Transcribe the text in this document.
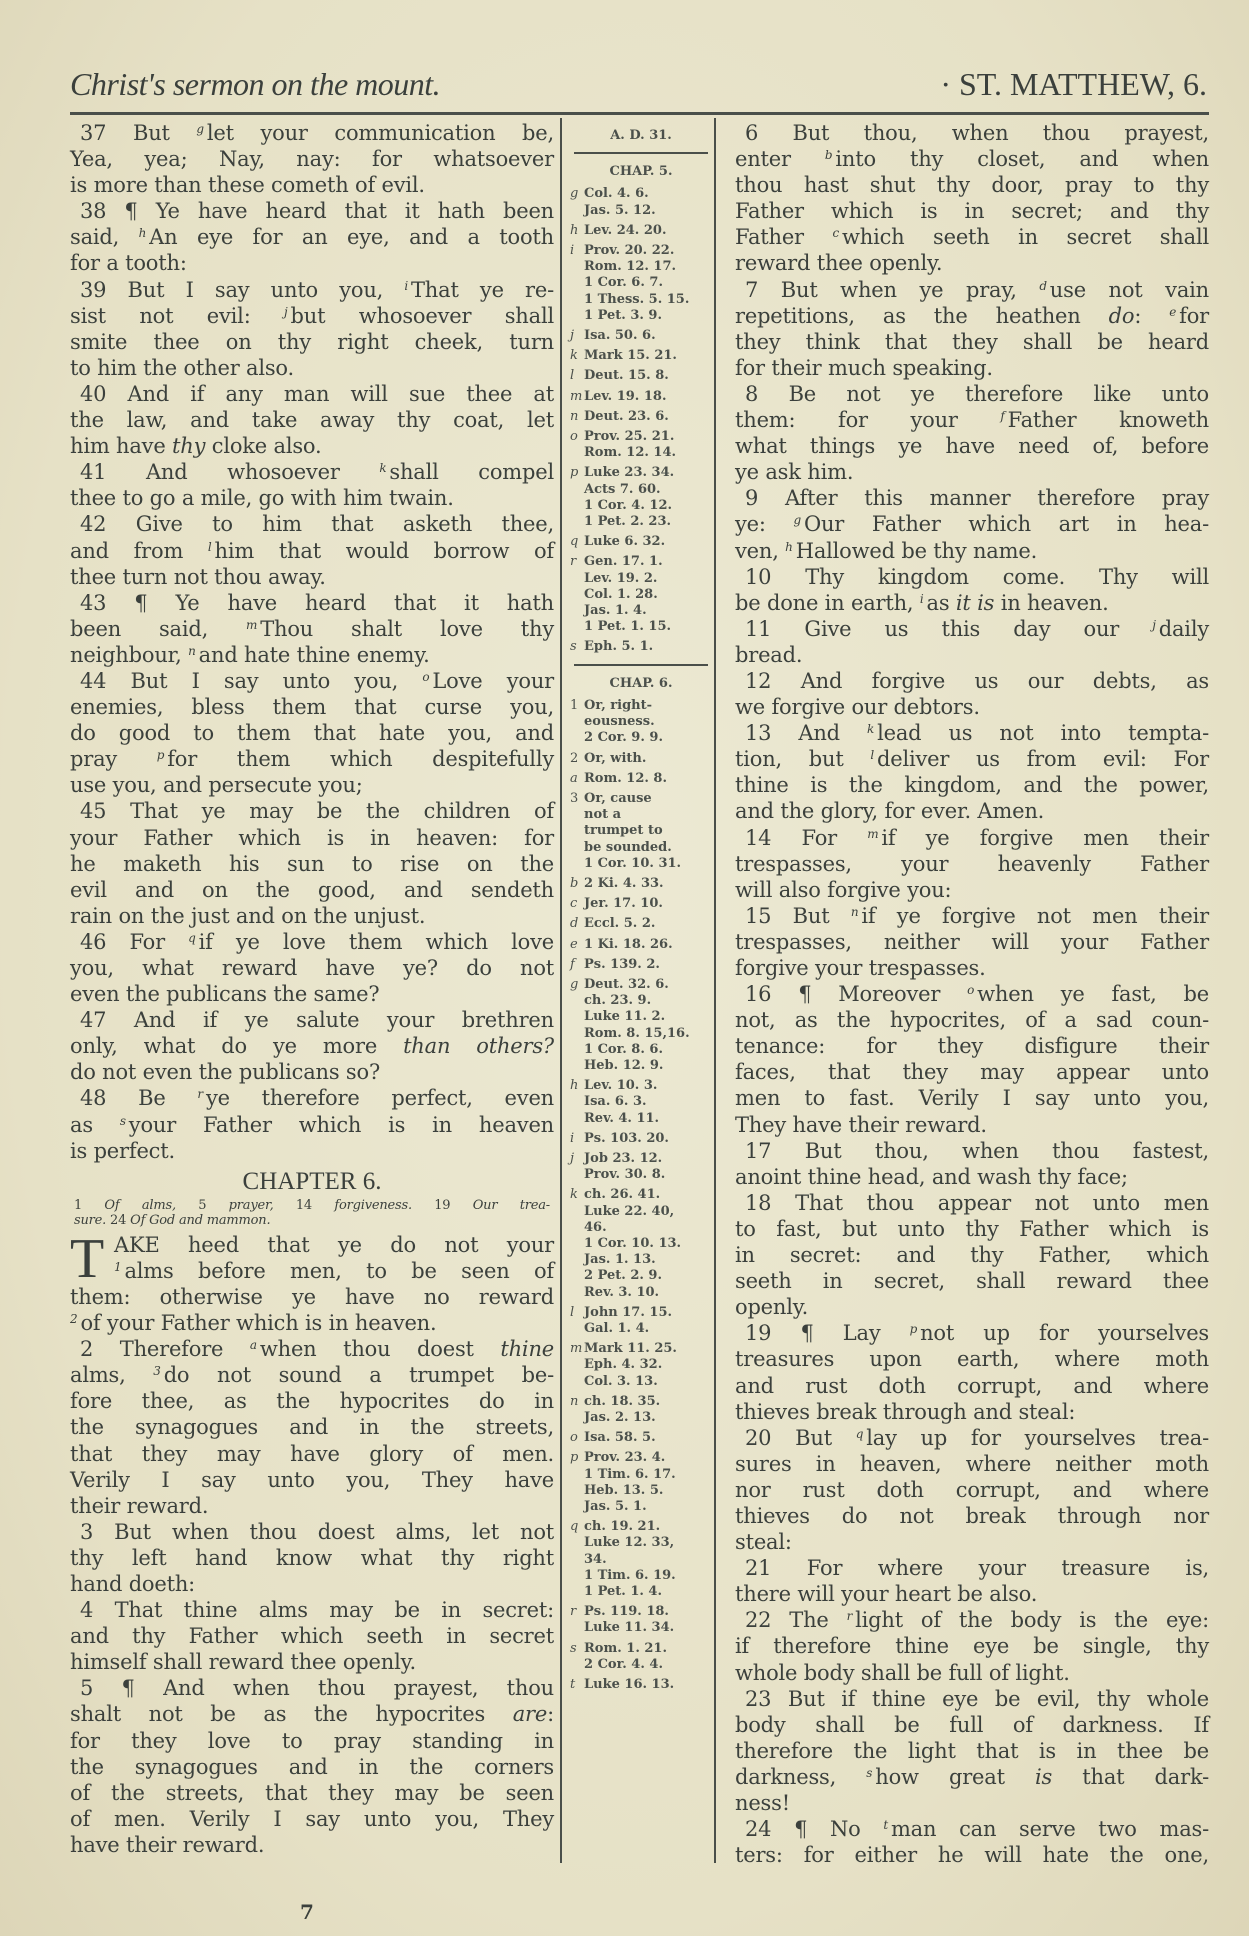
Christ's sermon on the mount.	· ST. MATTHEW, 6.
37 But $^g$ let your communication be,
Yea, yea; Nay, nay: for whatsoever
is more than these cometh of evil.
38 ¶ Ye have heard that it hath been
said, $^h$ An eye for an eye, and a tooth
for a tooth:
39 But I say unto you, $^i$ That ye re-
sist not evil: $^j$ but whosoever shall
smite thee on thy right cheek, turn
to him the other also.
40 And if any man will sue thee at
the law, and take away thy coat, let
him have thy cloke also.
41 And whosoever $^k$ shall compel
thee to go a mile, go with him twain.
42 Give to him that asketh thee,
and from $^l$ him that would borrow of
thee turn not thou away.
43 ¶ Ye have heard that it hath
been said, $^m$ Thou shalt love thy
neighbour, $^n$ and hate thine enemy.
44 But I say unto you, $^o$ Love your
enemies, bless them that curse you,
do good to them that hate you, and
pray $^p$ for them which despitefully
use you, and persecute you;
45 That ye may be the children of
your Father which is in heaven: for
he maketh his sun to rise on the
evil and on the good, and sendeth
rain on the just and on the unjust.
46 For $^q$ if ye love them which love
you, what reward have ye? do not
even the publicans the same?
47 And if ye salute your brethren
only, what do ye more than others?
do not even the publicans so?
48 Be $^r$ ye therefore perfect, even
as $^s$ your Father which is in heaven
is perfect.
CHAPTER 6.
1 Of alms, 5 prayer, 14 forgiveness. 19 Our trea-
sure. 24 Of God and mammon.
T AKE heed that ye do not your
$^1$ alms before men, to be seen of
them: otherwise ye have no reward
$^2$ of your Father which is in heaven.
2 Therefore $^a$ when thou doest thine
alms, $^3$ do not sound a trumpet be-
fore thee, as the hypocrites do in
the synagogues and in the streets,
that they may have glory of men.
Verily I say unto you, They have
their reward.
3 But when thou doest alms, let not
thy left hand know what thy right
hand doeth:
4 That thine alms may be in secret:
and thy Father which seeth in secret
himself shall reward thee openly.
5 ¶ And when thou prayest, thou
shalt not be as the hypocrites are:
for they love to pray standing in
the synagogues and in the corners
of the streets, that they may be seen
of men. Verily I say unto you, They
have their reward.
A. D. 31.
CHAP. 5.
g Col. 4. 6.
Jas. 5. 12.
h Lev. 24. 20.
i Prov. 20. 22.
Rom. 12. 17.
1 Cor. 6. 7.
1 Thess. 5. 15.
1 Pet. 3. 9.
j Isa. 50. 6.
k Mark 15. 21.
l Deut. 15. 8.
m Lev. 19. 18.
n Deut. 23. 6.
o Prov. 25. 21.
Rom. 12. 14.
p Luke 23. 34.
Acts 7. 60.
1 Cor. 4. 12.
1 Pet. 2. 23.
q Luke 6. 32.
r Gen. 17. 1.
Lev. 19. 2.
Col. 1. 28.
Jas. 1. 4.
1 Pet. 1. 15.
s Eph. 5. 1.
CHAP. 6.
1 Or, right-
eousness.
2 Cor. 9. 9.
2 Or, with.
a Rom. 12. 8.
3 Or, cause
not a
trumpet to
be sounded.
1 Cor. 10. 31.
b 2 Ki. 4. 33.
c Jer. 17. 10.
d Eccl. 5. 2.
e 1 Ki. 18. 26.
f Ps. 139. 2.
g Deut. 32. 6.
ch. 23. 9.
Luke 11. 2.
Rom. 8. 15,16.
1 Cor. 8. 6.
Heb. 12. 9.
h Lev. 10. 3.
Isa. 6. 3.
Rev. 4. 11.
i Ps. 103. 20.
j Job 23. 12.
Prov. 30. 8.
k ch. 26. 41.
Luke 22. 40,
46.
1 Cor. 10. 13.
Jas. 1. 13.
2 Pet. 2. 9.
Rev. 3. 10.
l John 17. 15.
Gal. 1. 4.
m Mark 11. 25.
Eph. 4. 32.
Col. 3. 13.
n ch. 18. 35.
Jas. 2. 13.
o Isa. 58. 5.
p Prov. 23. 4.
1 Tim. 6. 17.
Heb. 13. 5.
Jas. 5. 1.
q ch. 19. 21.
Luke 12. 33,
34.
1 Tim. 6. 19.
1 Pet. 1. 4.
r Ps. 119. 18.
Luke 11. 34.
s Rom. 1. 21.
2 Cor. 4. 4.
t Luke 16. 13.
6 But thou, when thou prayest,
enter $^b$ into thy closet, and when
thou hast shut thy door, pray to thy
Father which is in secret; and thy
Father $^c$ which seeth in secret shall
reward thee openly.
7 But when ye pray, $^d$ use not vain
repetitions, as the heathen do: $^e$ for
they think that they shall be heard
for their much speaking.
8 Be not ye therefore like unto
them: for your $^f$ Father knoweth
what things ye have need of, before
ye ask him.
9 After this manner therefore pray
ye: $^g$ Our Father which art in hea-
ven, $^h$ Hallowed be thy name.
10 Thy kingdom come. Thy will
be done in earth, $^i$ as it is in heaven.
11 Give us this day our $^j$ daily
bread.
12 And forgive us our debts, as
we forgive our debtors.
13 And $^k$ lead us not into tempta-
tion, but $^l$ deliver us from evil: For
thine is the kingdom, and the power,
and the glory, for ever. Amen.
14 For $^m$ if ye forgive men their
trespasses, your heavenly Father
will also forgive you:
15 But $^n$ if ye forgive not men their
trespasses, neither will your Father
forgive your trespasses.
16 ¶ Moreover $^o$ when ye fast, be
not, as the hypocrites, of a sad coun-
tenance: for they disfigure their
faces, that they may appear unto
men to fast. Verily I say unto you,
They have their reward.
17 But thou, when thou fastest,
anoint thine head, and wash thy face;
18 That thou appear not unto men
to fast, but unto thy Father which is
in secret: and thy Father, which
seeth in secret, shall reward thee
openly.
19 ¶ Lay $^p$ not up for yourselves
treasures upon earth, where moth
and rust doth corrupt, and where
thieves break through and steal:
20 But $^q$ lay up for yourselves trea-
sures in heaven, where neither moth
nor rust doth corrupt, and where
thieves do not break through nor
steal:
21 For where your treasure is,
there will your heart be also.
22 The $^r$ light of the body is the eye:
if therefore thine eye be single, thy
whole body shall be full of light.
23 But if thine eye be evil, thy whole
body shall be full of darkness. If
therefore the light that is in thee be
darkness, $^s$ how great is that dark-
ness!
24 ¶ No $^t$ man can serve two mas-
ters: for either he will hate the one,
7
